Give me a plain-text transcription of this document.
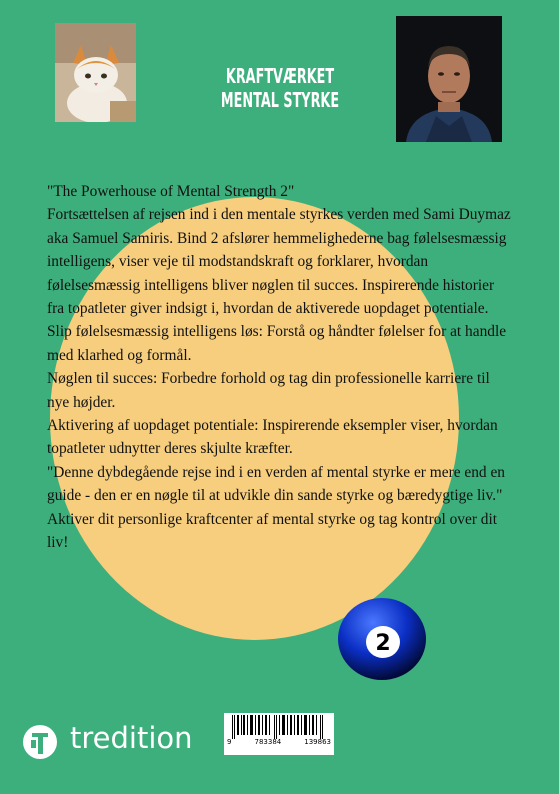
KRAFTVÆRKET MENTAL STYRKE

"The Powerhouse of Mental Strength 2"

Fortsættelsen af rejsen ind i den mentale styrkes verden med Sami Duymaz aka Samuel Samiris. Bind 2 afslører hemmelighederne bag følelsesmæssig intelligens, viser veje til modstandskraft og forklarer, hvordan følelsesmæssig intelligens bliver nøglen til succes. Inspirerende historier fra topatleter giver indsigt i, hvordan de aktiverede uopdaget potentiale.

Slip følelsesmæssig intelligens løs: Forstå og håndter følelser for at handle med klarhed og formål.

Nøglen til succes: Forbedre forhold og tag din professionelle karriere til nye højder.

Aktivering af uopdaget potentiale: Inspirerende eksempler viser, hvordan topatleter udnytter deres skjulte kræfter.

"Denne dybdegående rejse ind i en verden af mental styrke er mere end en guide - den er en nøgle til at udvikle din sande styrke og bæredygtige liv."

Aktiver dit personlige kraftcenter af mental styrke og tag kontrol over dit liv!

2
tredition	9	783384	139863
